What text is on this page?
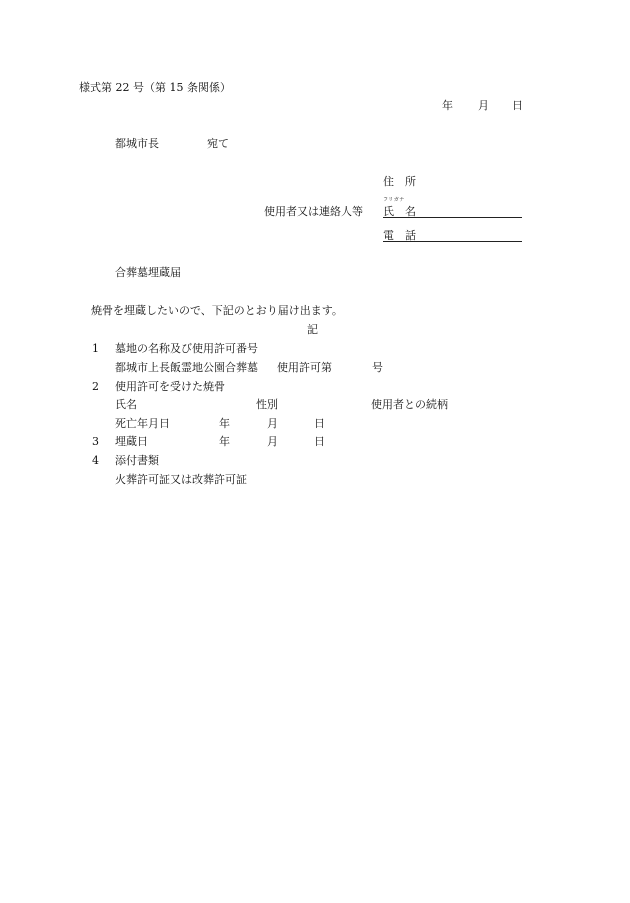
様式第 22 号（第 15 条関係）
年 月 日
都城市長	宛て
住　所
使用者又は連絡人等
フリガナ
氏　名
電　話
合葬墓埋蔵届
焼骨を埋蔵したいので、下記のとおり届け出ます。
記
1 墓地の名称及び使用許可番号
都城市上長飯霊地公園合葬墓 使用許可第	号
2 使用許可を受けた焼骨
氏名	性別	使用者との続柄
死亡年月日	年	月	日
3 埋蔵日	年	月	日
4 添付書類
火葬許可証又は改葬許可証
